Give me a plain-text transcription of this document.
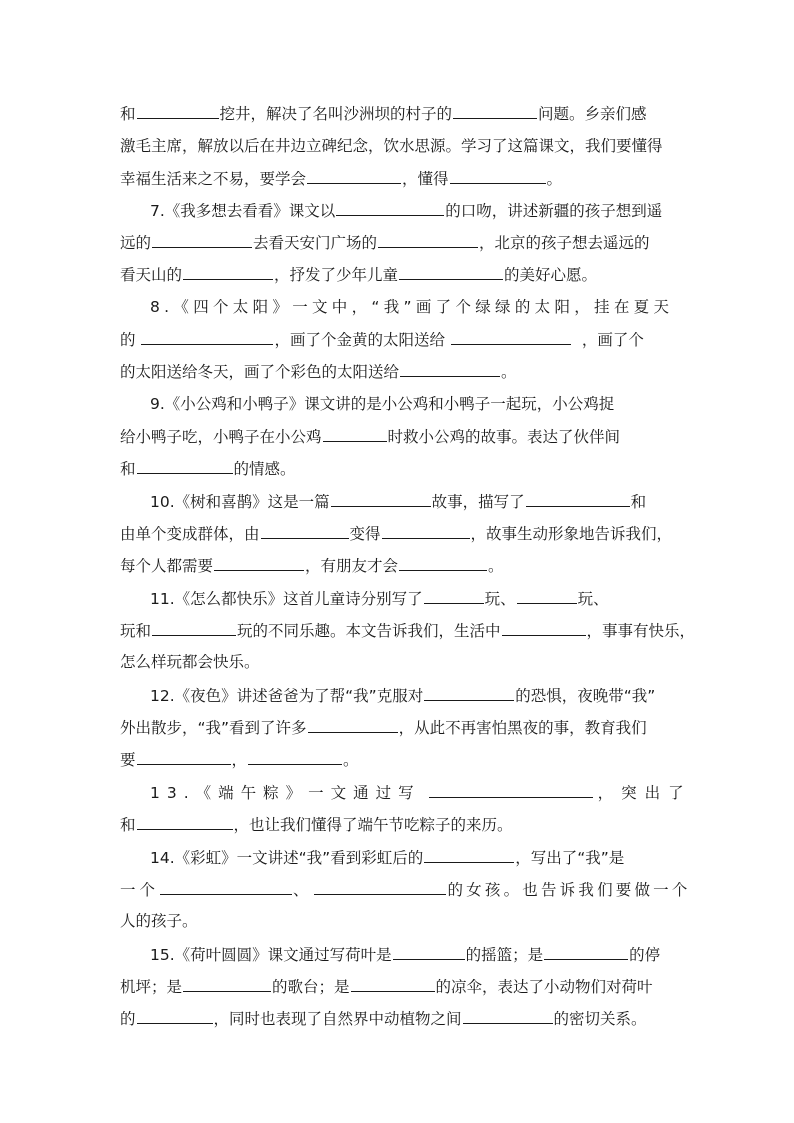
和	挖井，解决了名叫沙洲坝的村子的	问题。乡亲们感
激毛主席，解放以后在井边立碑纪念，饮水思源。学习了这篇课文，我们要懂得
幸福生活来之不易，要学会	，懂得	。
7.《我多想去看看》课文以	的口吻，讲述新疆的孩子想到遥
远的	去看天安门广场的	，北京的孩子想去遥远的
看天山的	，抒发了少年儿童	的美好心愿。
8.《四个太阳》一文中，“我”画了个绿绿的太阳，挂在夏天
的	，画了个金黄的太阳送给	，画了个
的太阳送给冬天，画了个彩色的太阳送给	。
9.《小公鸡和小鸭子》课文讲的是小公鸡和小鸭子一起玩，小公鸡捉
给小鸭子吃，小鸭子在小公鸡	时救小公鸡的故事。表达了伙伴间
和	的情感。
10.《树和喜鹊》这是一篇	故事，描写了	和
由单个变成群体，由	变得	，故事生动形象地告诉我们，
每个人都需要	，有朋友才会	。
11.《怎么都快乐》这首儿童诗分别写了	玩、	玩、
玩和	玩的不同乐趣。本文告诉我们，生活中	，事事有快乐，
怎么样玩都会快乐。
12.《夜色》讲述爸爸为了帮“我”克服对	的恐惧，夜晚带“我”
外出散步，“我”看到了许多	，从此不再害怕黑夜的事，教育我们
要	，	。
13.《端午粽》一文通过写	，突出了
和	，也让我们懂得了端午节吃粽子的来历。
14.《彩虹》一文讲述“我”看到彩虹后的	，写出了“我”是
一个	、	的女孩。也告诉我们要做一个
人的孩子。
15.《荷叶圆圆》课文通过写荷叶是	的摇篮；是	的停
机坪；是	的歌台；是	的凉伞，表达了小动物们对荷叶
的	，同时也表现了自然界中动植物之间	的密切关系。
